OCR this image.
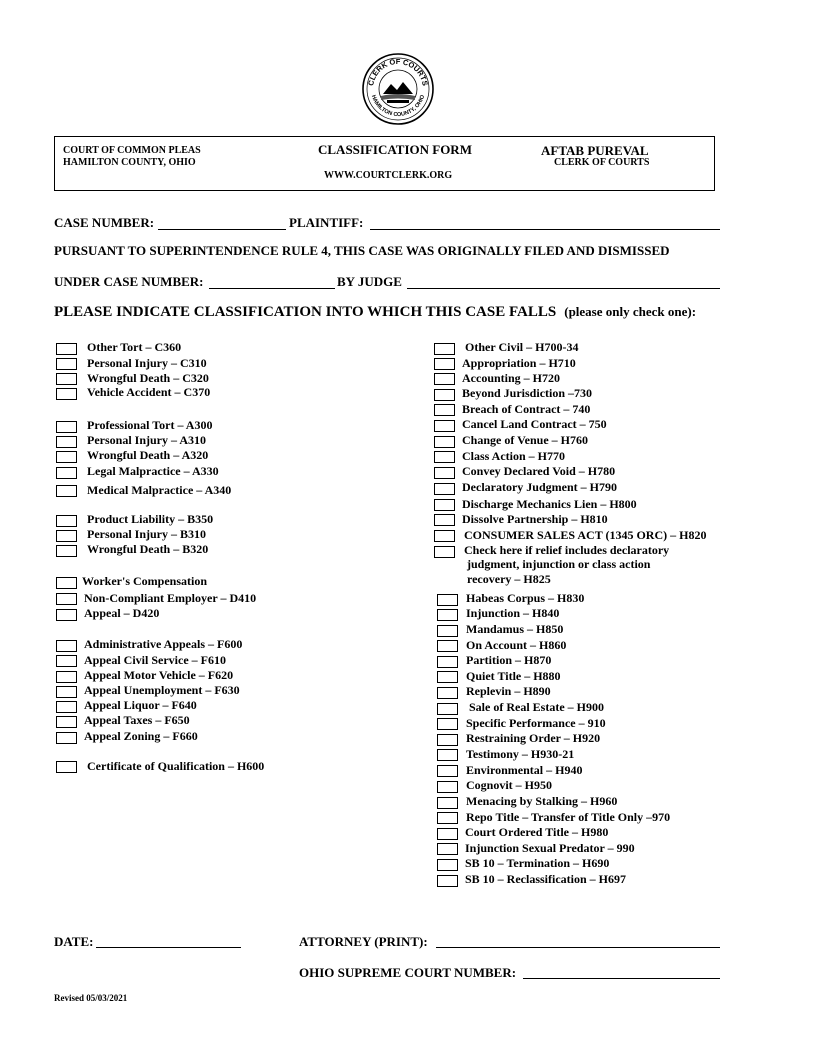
CLERK OF COURTS
HAMILTON COUNTY, OHIO
COURT OF COMMON PLEAS
HAMILTON COUNTY, OHIO
CLASSIFICATION FORM
WWW.COURTCLERK.ORG
AFTAB PUREVAL
CLERK OF COURTS
CASE NUMBER:	PLAINTIFF:
PURSUANT TO SUPERINTENDENCE RULE 4, THIS CASE WAS ORIGINALLY FILED AND DISMISSED
UNDER CASE NUMBER:	BY JUDGE
PLEASE INDICATE CLASSIFICATION INTO WHICH THIS CASE FALLS (please only check one):
Other Tort – C360
Personal Injury – C310
Wrongful Death – C320
Vehicle Accident – C370
Professional Tort – A300
Personal Injury – A310
Wrongful Death – A320
Legal Malpractice – A330
Medical Malpractice – A340
Product Liability – B350
Personal Injury – B310
Wrongful Death – B320
Worker's Compensation
Non-Compliant Employer – D410
Appeal – D420
Administrative Appeals – F600
Appeal Civil Service – F610
Appeal Motor Vehicle – F620
Appeal Unemployment – F630
Appeal Liquor – F640
Appeal Taxes – F650
Appeal Zoning – F660
Certificate of Qualification – H600
Other Civil – H700-34
Appropriation – H710
Accounting – H720
Beyond Jurisdiction –730
Breach of Contract – 740
Cancel Land Contract – 750
Change of Venue – H760
Class Action – H770
Convey Declared Void – H780
Declaratory Judgment – H790
Discharge Mechanics Lien – H800
Dissolve Partnership – H810
CONSUMER SALES ACT (1345 ORC) – H820
Check here if relief includes declaratory
judgment, injunction or class action
recovery – H825
Habeas Corpus – H830
Injunction – H840
Mandamus – H850
On Account – H860
Partition – H870
Quiet Title – H880
Replevin – H890
Sale of Real Estate – H900
Specific Performance – 910
Restraining Order – H920
Testimony – H930-21
Environmental – H940
Cognovit – H950
Menacing by Stalking – H960
Repo Title – Transfer of Title Only –970
Court Ordered Title – H980
Injunction Sexual Predator – 990
SB 10 – Termination – H690
SB 10 – Reclassification – H697
DATE:	ATTORNEY (PRINT):
OHIO SUPREME COURT NUMBER:
Revised 05/03/2021
